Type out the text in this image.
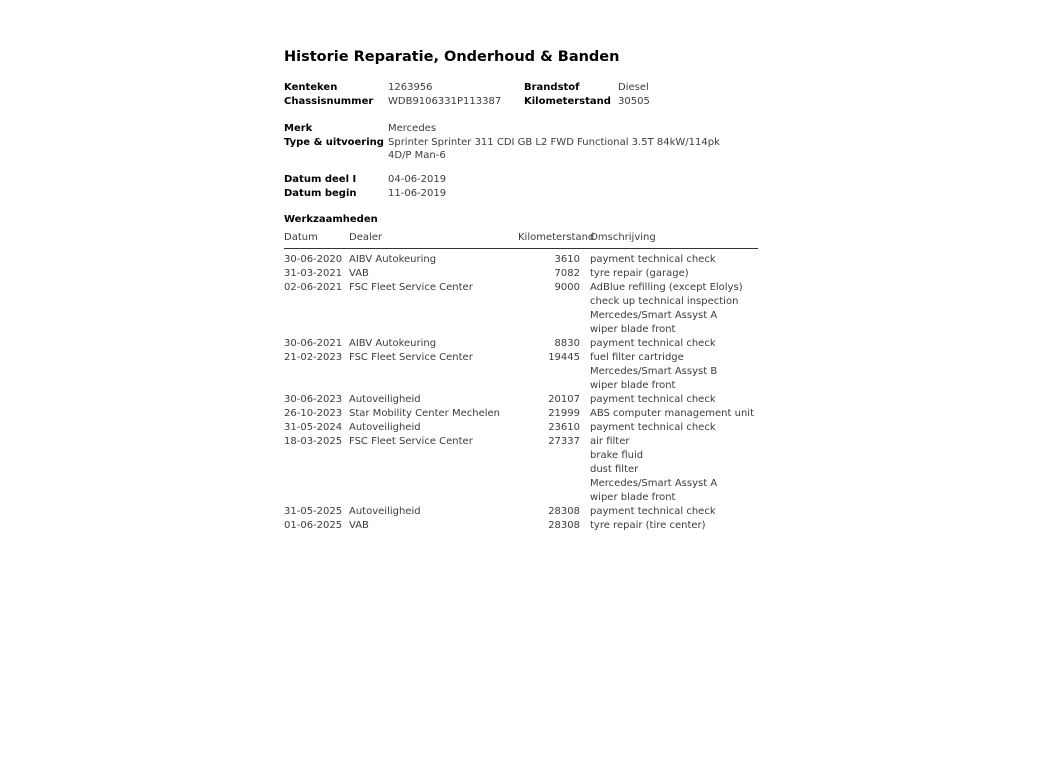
Historie Reparatie, Onderhoud & Banden
Kenteken	1263956	Brandstof	Diesel
Chassisnummer	WDB9106331P113387	Kilometerstand 30505
Merk	Mercedes
Type & uitvoering Sprinter Sprinter 311 CDI GB L2 FWD Functional 3.5T 84kW/114pk
4D/P Man-6
Datum deel I	04-06-2019
Datum begin	11-06-2019
Werkzaamheden
Datum	Dealer	Kilometerstand
Omschrijving
30-06-2020 AIBV Autokeuring	3610 payment technical check
31-03-2021 VAB	7082 tyre repair (garage)
02-06-2021 FSC Fleet Service Center	9000 AdBlue refilling (except Elolys)
check up technical inspection
Mercedes/Smart Assyst A
wiper blade front
30-06-2021 AIBV Autokeuring	8830 payment technical check
21-02-2023 FSC Fleet Service Center	19445 fuel filter cartridge
Mercedes/Smart Assyst B
wiper blade front
30-06-2023 Autoveiligheid	20107 payment technical check
26-10-2023 Star Mobility Center Mechelen	21999 ABS computer management unit
31-05-2024 Autoveiligheid	23610 payment technical check
18-03-2025 FSC Fleet Service Center	27337 air filter
brake fluid
dust filter
Mercedes/Smart Assyst A
wiper blade front
31-05-2025 Autoveiligheid	28308 payment technical check
01-06-2025 VAB	28308 tyre repair (tire center)
